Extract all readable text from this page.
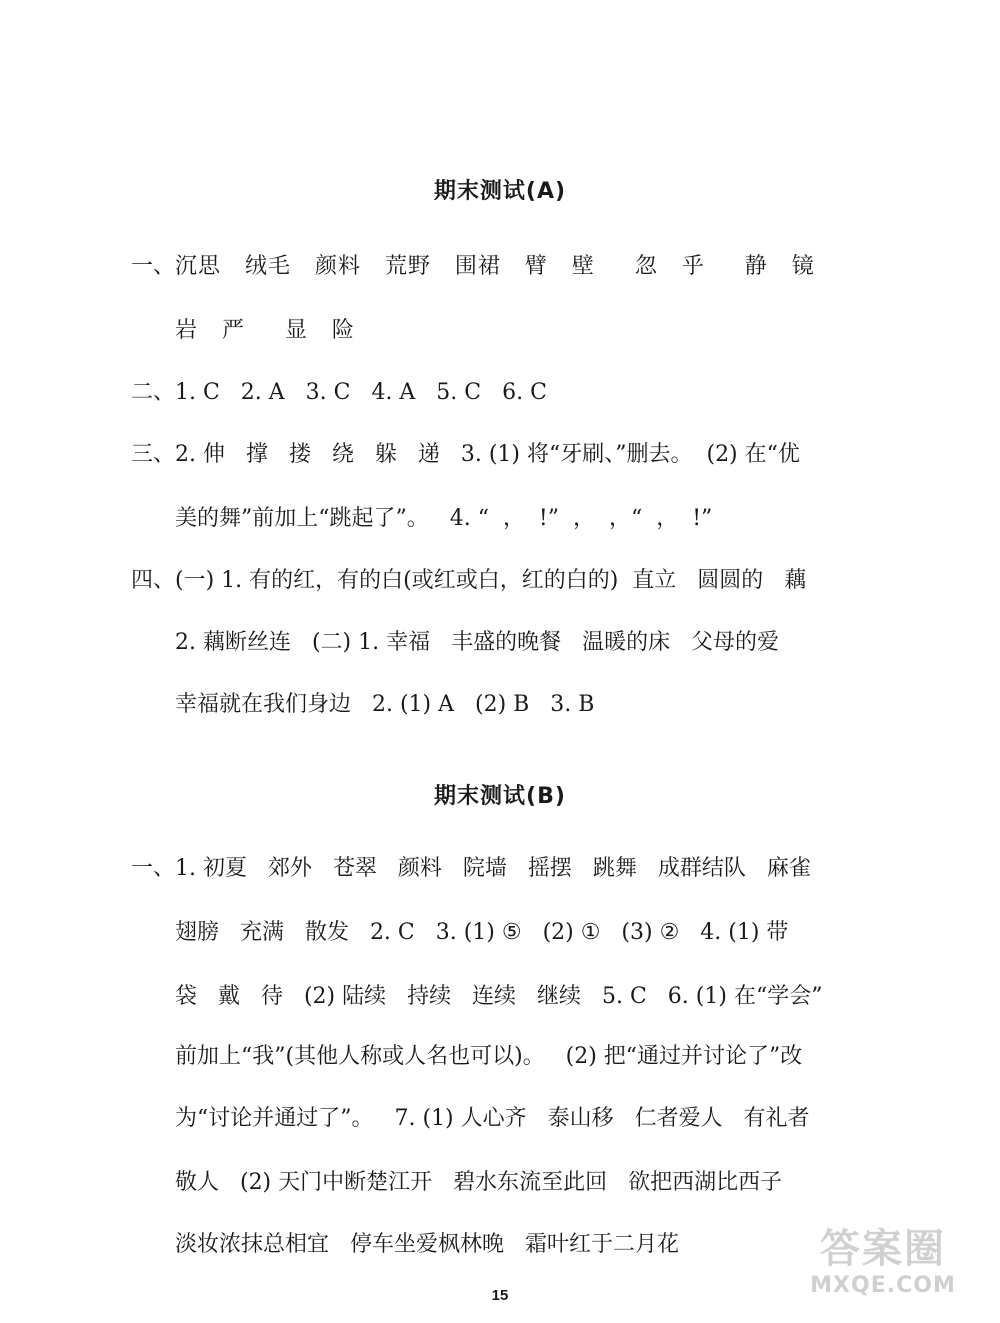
期末测试(A)
一、 沉思   绒毛   颜料   荒野   围裙   臂   壁     忽   乎     静   镜
岩   严     显   险
二、 1. C   2. A   3. C   4. A   5. C   6. C
三、 2. 伸   撑   搂   绕   躲   递   3. (1) 将“牙刷、”删去。  (2) 在“优
美的舞”前加上“跳起了”。   4. “  ，  !”  ，  ，“  ，  !”
四、 (一) 1. 有的红，有的白(或红或白，红的白的)  直立   圆圆的   藕
2. 藕断丝连   (二) 1. 幸福   丰盛的晚餐   温暖的床   父母的爱
幸福就在我们身边   2. (1) A   (2) B   3. B
期末测试(B)
一、 1. 初夏   郊外   苍翠   颜料   院墙   摇摆   跳舞   成群结队   麻雀
翅膀   充满   散发   2. C   3. (1) ⑤   (2) ①   (3) ②   4. (1) 带
袋   戴   待   (2) 陆续   持续   连续   继续   5. C   6. (1) 在“学会”
前加上“我”(其他人称或人名也可以)。   (2) 把“通过并讨论了”改
为“讨论并通过了”。   7. (1) 人心齐   泰山移   仁者爱人   有礼者
敬人   (2) 天门中断楚江开   碧水东流至此回   欲把西湖比西子
淡妆浓抹总相宜   停车坐爱枫林晚   霜叶红于二月花
15
答案圈
MXQE.COM
